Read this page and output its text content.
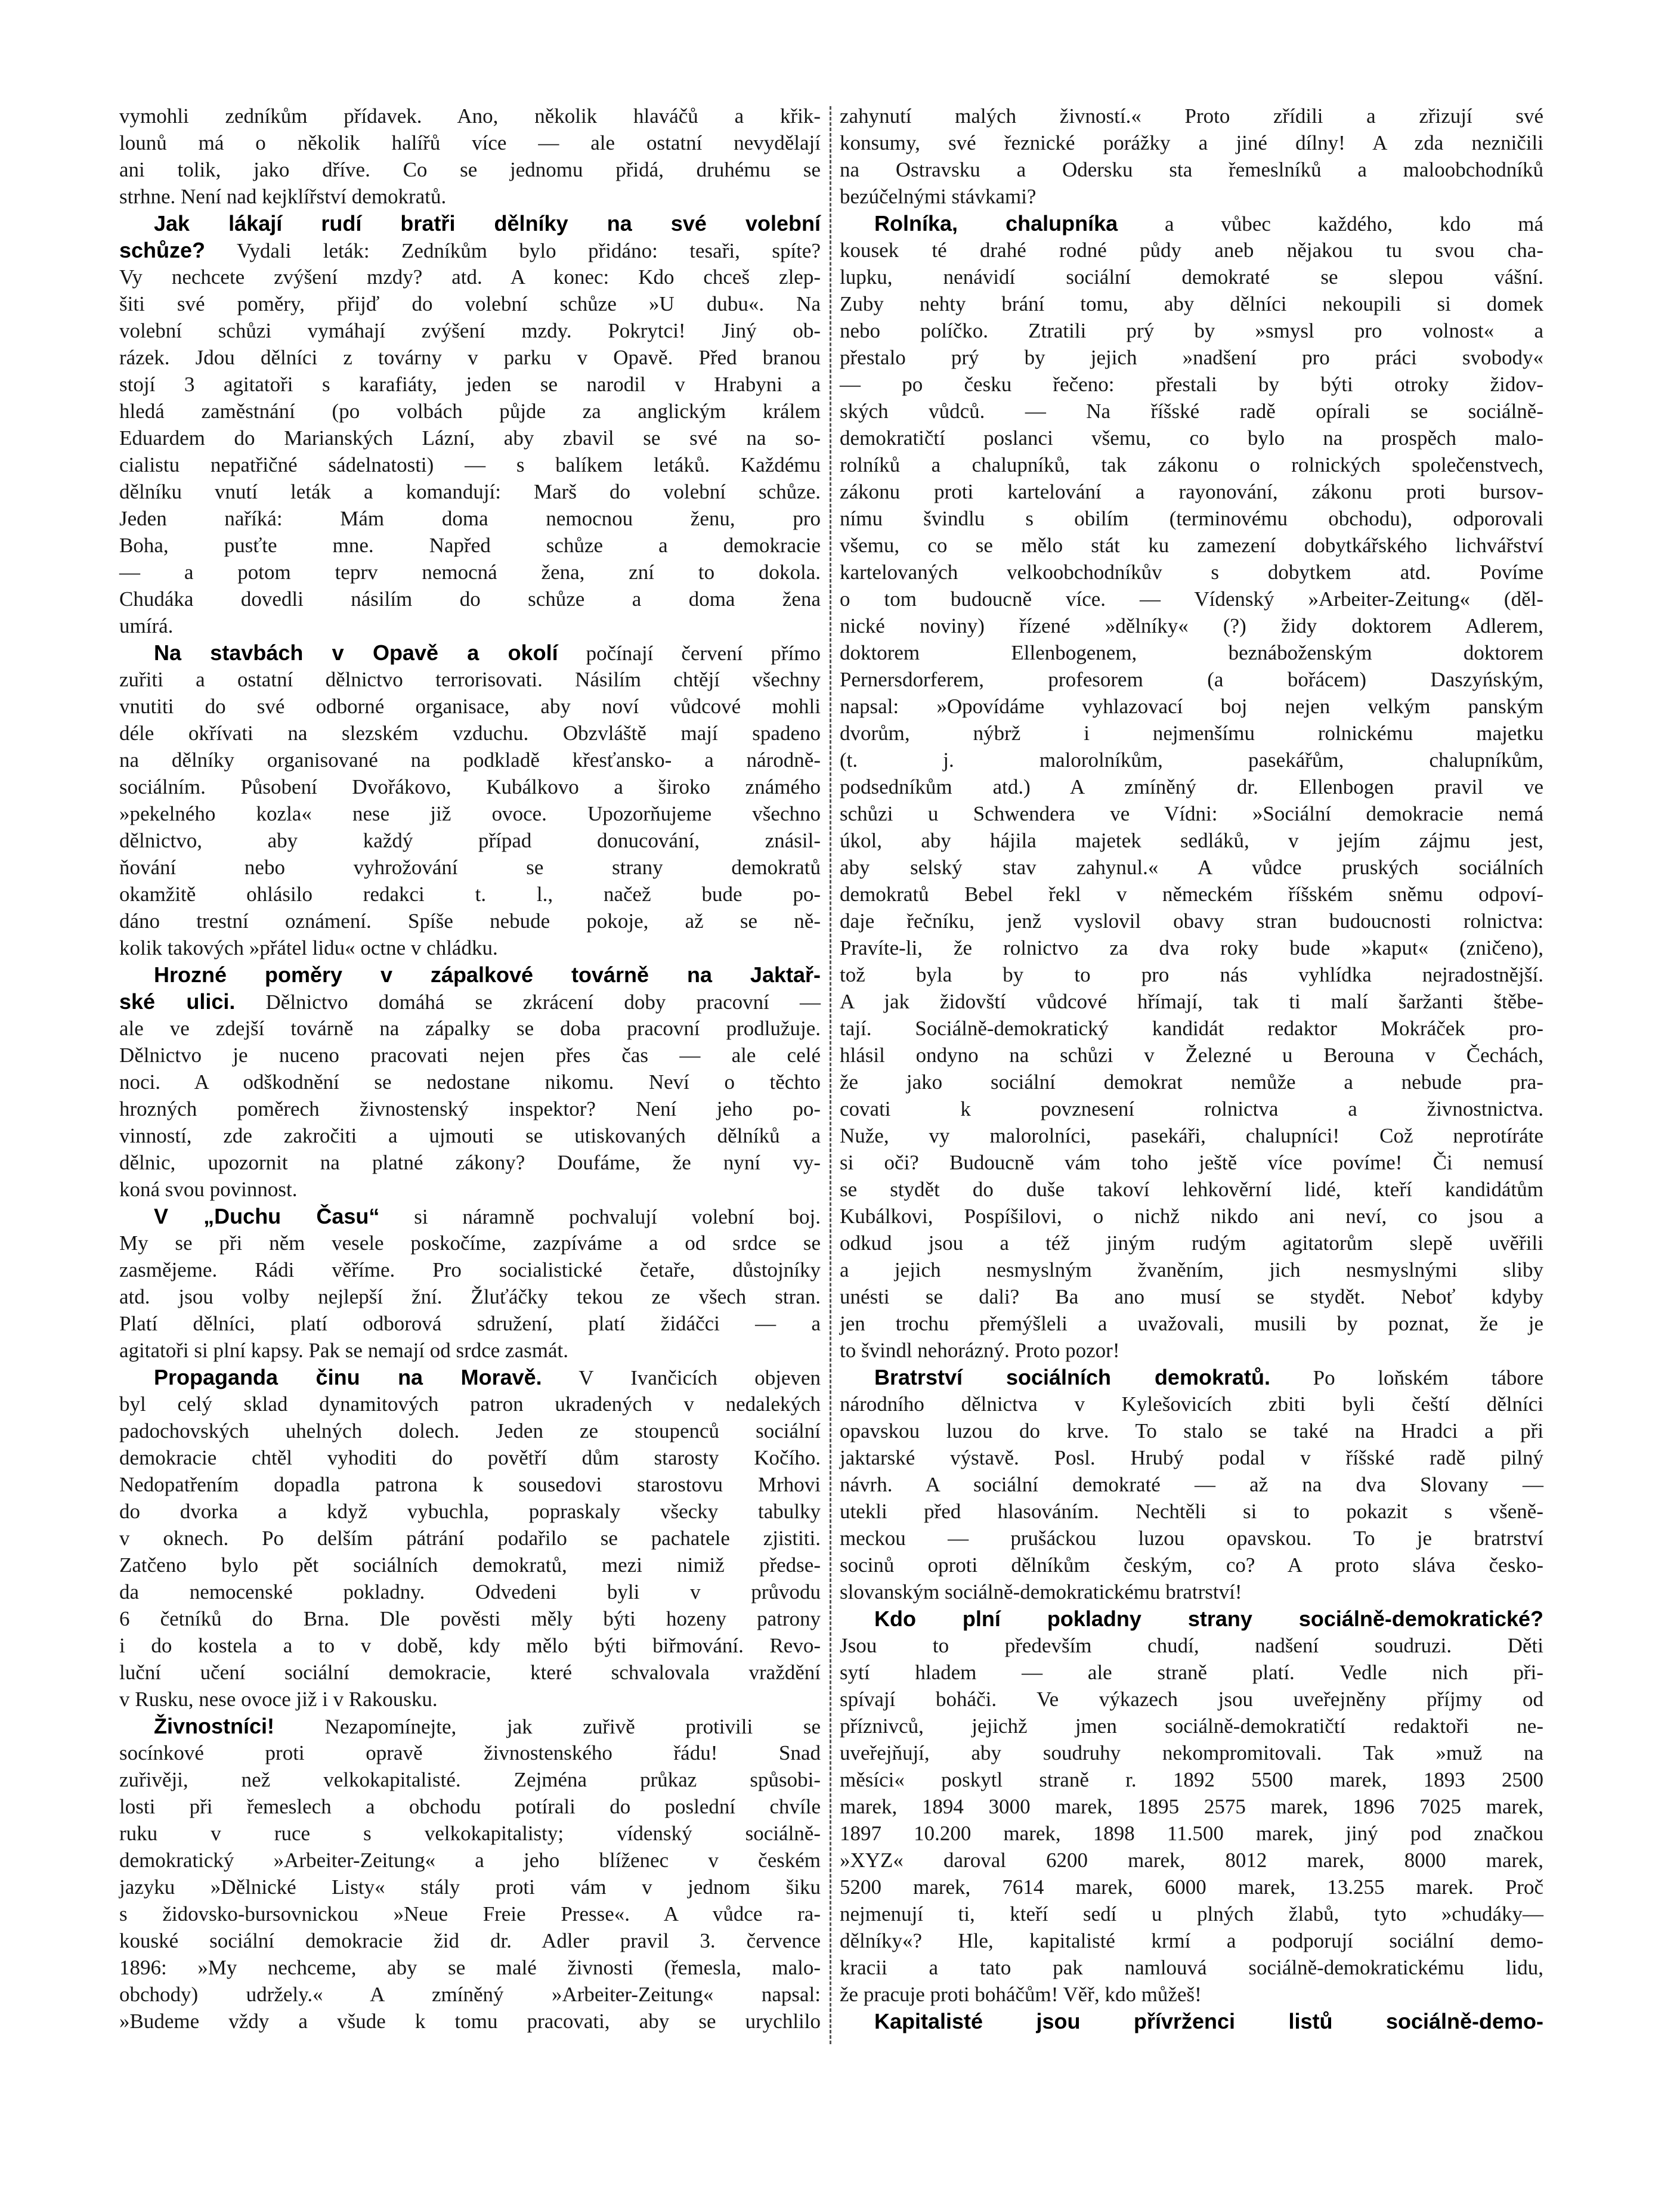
vymohli zedníkům přídavek. Ano, několik hlaváčů a křik-
lounů má o několik halířů více — ale ostatní nevydělají
ani tolik, jako dříve. Co se jednomu přidá, druhému se
strhne. Není nad kejklířství demokratů.
Jak lákají rudí bratři dělníky na své volební
schůze? Vydali leták: Zedníkům bylo přidáno: tesaři, spíte?
Vy nechcete zvýšení mzdy? atd. A konec: Kdo chceš zlep-
šiti své poměry, přijď do volební schůze »U dubu«. Na
volební schůzi vymáhají zvýšení mzdy. Pokrytci! Jiný ob-
rázek. Jdou dělníci z továrny v parku v Opavě. Před branou
stojí 3 agitatoři s karafiáty, jeden se narodil v Hrabyni a
hledá zaměstnání (po volbách půjde za anglickým králem
Eduardem do Marianských Lázní, aby zbavil se své na so-
cialistu nepatřičné sádelnatosti) — s balíkem letáků. Každému
dělníku vnutí leták a komandují: Marš do volební schůze.
Jeden naříká: Mám doma nemocnou ženu, pro
Boha, pusťte mne. Napřed schůze a demokracie
— a potom teprv nemocná žena, zní to dokola.
Chudáka dovedli násilím do schůze a doma žena
umírá.
Na stavbách v Opavě a okolí počínají červení přímo
zuřiti a ostatní dělnictvo terrorisovati. Násilím chtějí všechny
vnutiti do své odborné organisace, aby noví vůdcové mohli
déle okřívati na slezském vzduchu. Obzvláště mají spadeno
na dělníky organisované na podkladě křesťansko- a národně-
sociálním. Působení Dvořákovo, Kubálkovo a široko známého
»pekelného kozla« nese již ovoce. Upozorňujeme všechno
dělnictvo, aby každý případ donucování, znásil-
ňování nebo vyhrožování se strany demokratů
okamžitě ohlásilo redakci t. l., načež bude po-
dáno trestní oznámení. Spíše nebude pokoje, až se ně-
kolik takových »přátel lidu« octne v chládku.
Hrozné poměry v zápalkové továrně na Jaktař-
ské ulici. Dělnictvo domáhá se zkrácení doby pracovní —
ale ve zdejší továrně na zápalky se doba pracovní prodlužuje.
Dělnictvo je nuceno pracovati nejen přes čas — ale celé
noci. A odškodnění se nedostane nikomu. Neví o těchto
hrozných poměrech živnostenský inspektor? Není jeho po-
vinností, zde zakročiti a ujmouti se utiskovaných dělníků a
dělnic, upozornit na platné zákony? Doufáme, že nyní vy-
koná svou povinnost.
V „Duchu Času“ si náramně pochvalují volební boj.
My se při něm vesele poskočíme, zazpíváme a od srdce se
zasmějeme. Rádi věříme. Pro socialistické četaře, důstojníky
atd. jsou volby nejlepší žní. Žluťáčky tekou ze všech stran.
Platí dělníci, platí odborová sdružení, platí židáčci — a
agitatoři si plní kapsy. Pak se nemají od srdce zasmát.
Propaganda činu na Moravě. V Ivančicích objeven
byl celý sklad dynamitových patron ukradených v nedalekých
padochovských uhelných dolech. Jeden ze stoupenců sociální
demokracie chtěl vyhoditi do povětří dům starosty Kočího.
Nedopatřením dopadla patrona k sousedovi starostovu Mrhovi
do dvorka a když vybuchla, popraskaly všecky tabulky
v oknech. Po delším pátrání podařilo se pachatele zjistiti.
Zatčeno bylo pět sociálních demokratů, mezi nimiž předse-
da nemocenské pokladny. Odvedeni byli v průvodu
6 četníků do Brna. Dle pověsti měly býti hozeny patrony
i do kostela a to v době, kdy mělo býti biřmování. Revo-
luční učení sociální demokracie, které schvalovala vraždění
v Rusku, nese ovoce již i v Rakousku.
Živnostníci! Nezapomínejte, jak zuřivě protivili se
socínkové proti opravě živnostenského řádu! Snad
zuřivěji, než velkokapitalisté. Zejména průkaz spůsobi-
losti při řemeslech a obchodu potírali do poslední chvíle
ruku v ruce s velkokapitalisty; vídenský sociálně-
demokratický »Arbeiter-Zeitung« a jeho blíženec v českém
jazyku »Dělnické Listy« stály proti vám v jednom šiku
s židovsko-bursovnickou »Neue Freie Presse«. A vůdce ra-
kouské sociální demokracie žid dr. Adler pravil 3. července
1896: »My nechceme, aby se malé živnosti (řemesla, malo-
obchody) udržely.« A zmíněný »Arbeiter-Zeitung« napsal:
»Budeme vždy a všude k tomu pracovati, aby se urychlilo
zahynutí malých živností.« Proto zřídili a zřizují své
konsumy, své řeznické porážky a jiné dílny! A zda nezničili
na Ostravsku a Odersku sta řemeslníků a maloobchodníků
bezúčelnými stávkami?
Rolníka, chalupníka a vůbec každého, kdo má
kousek té drahé rodné půdy aneb nějakou tu svou cha-
lupku, nenávidí sociální demokraté se slepou vášní.
Zuby nehty brání tomu, aby dělníci nekoupili si domek
nebo políčko. Ztratili prý by »smysl pro volnost« a
přestalo prý by jejich »nadšení pro práci svobody«
— po česku řečeno: přestali by býti otroky židov-
ských vůdců. — Na říšské radě opírali se sociálně-
demokratičtí poslanci všemu, co bylo na prospěch malo-
rolníků a chalupníků, tak zákonu o rolnických společenstvech,
zákonu proti kartelování a rayonování, zákonu proti bursov-
nímu švindlu s obilím (terminovému obchodu), odporovali
všemu, co se mělo stát ku zamezení dobytkářského lichvářství
kartelovaných velkoobchodníkův s dobytkem atd. Povíme
o tom budoucně více. — Vídenský »Arbeiter-Zeitung« (děl-
nické noviny) řízené »dělníky« (?) židy doktorem Adlerem,
doktorem Ellenbogenem, beznáboženským doktorem
Pernersdorferem, profesorem (a bořácem) Daszyńským,
napsal: »Opovídáme vyhlazovací boj nejen velkým panským
dvorům, nýbrž i nejmenšímu rolnickému majetku
(t. j. malorolníkům, pasekářům, chalupníkům,
podsedníkům atd.) A zmíněný dr. Ellenbogen pravil ve
schůzi u Schwendera ve Vídni: »Sociální demokracie nemá
úkol, aby hájila majetek sedláků, v jejím zájmu jest,
aby selský stav zahynul.« A vůdce pruských sociálních
demokratů Bebel řekl v německém říšském sněmu odpoví-
daje řečníku, jenž vyslovil obavy stran budoucnosti rolnictva:
Pravíte-li, že rolnictvo za dva roky bude »kaput« (zničeno),
tož byla by to pro nás vyhlídka nejradostnější.
A jak židovští vůdcové hřímají, tak ti malí šaržanti štěbe-
tají. Sociálně-demokratický kandidát redaktor Mokráček pro-
hlásil ondyno na schůzi v Železné u Berouna v Čechách,
že jako sociální demokrat nemůže a nebude pra-
covati k povznesení rolnictva a živnostnictva.
Nuže, vy malorolníci, pasekáři, chalupníci! Což neprotíráte
si oči? Budoucně vám toho ještě více povíme! Či nemusí
se stydět do duše takoví lehkověrní lidé, kteří kandidátům
Kubálkovi, Pospíšilovi, o nichž nikdo ani neví, co jsou a
odkud jsou a též jiným rudým agitatorům slepě uvěřili
a jejich nesmyslným žvaněním, jich nesmyslnými sliby
unésti se dali? Ba ano musí se stydět. Neboť kdyby
jen trochu přemýšleli a uvažovali, musili by poznat, že je
to švindl nehorázný. Proto pozor!
Bratrství sociálních demokratů. Po loňském tábore
národního dělnictva v Kylešovicích zbiti byli čeští dělníci
opavskou luzou do krve. To stalo se také na Hradci a při
jaktarské výstavě. Posl. Hrubý podal v říšské radě pilný
návrh. A sociální demokraté — až na dva Slovany —
utekli před hlasováním. Nechtěli si to pokazit s všeně-
meckou — prušáckou luzou opavskou. To je bratrství
socinů oproti dělníkům českým, co? A proto sláva česko-
slovanským sociálně-demokratickému bratrství!
Kdo plní pokladny strany sociálně-demokratické?
Jsou to především chudí, nadšení soudruzi. Děti
sytí hladem — ale straně platí. Vedle nich při-
spívají boháči. Ve výkazech jsou uveřejněny příjmy od
příznivců, jejichž jmen sociálně-demokratičtí redaktoři ne-
uveřejňují, aby soudruhy nekompromitovali. Tak »muž na
měsíci« poskytl straně r. 1892 5500 marek, 1893 2500
marek, 1894 3000 marek, 1895 2575 marek, 1896 7025 marek,
1897 10.200 marek, 1898 11.500 marek, jiný pod značkou
»XYZ« daroval 6200 marek, 8012 marek, 8000 marek,
5200 marek, 7614 marek, 6000 marek, 13.255 marek. Proč
nejmenují ti, kteří sedí u plných žlabů, tyto »chudáky—
dělníky«? Hle, kapitalisté krmí a podporují sociální demo-
kracii a tato pak namlouvá sociálně-demokratickému lidu,
že pracuje proti boháčům! Věř, kdo můžeš!
Kapitalisté jsou přívrženci listů sociálně-demo-
